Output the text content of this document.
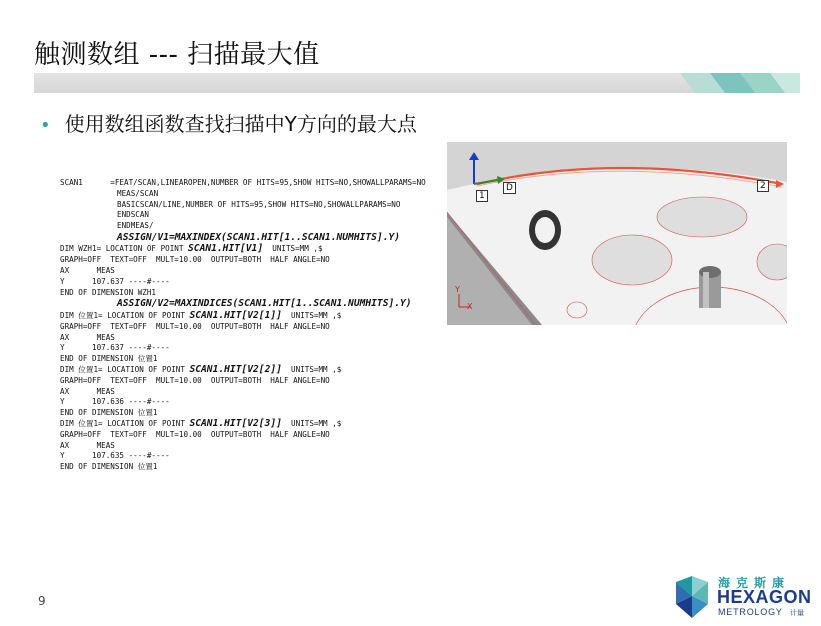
触测数组 --- 扫描最大值
• 使用数组函数查找扫描中Y方向的最大点
SCAN1      =FEAT/SCAN,LINEAROPEN,NUMBER OF HITS=95,SHOW HITS=NO,SHOWALLPARAMS=NO
MEAS/SCAN
BASICSCAN/LINE,NUMBER OF HITS=95,SHOW HITS=NO,SHOWALLPARAMS=NO
ENDSCAN
ENDMEAS/
ASSIGN/V1=MAXINDEX(SCAN1.HIT[1..SCAN1.NUMHITS].Y)
DIM WZH1= LOCATION OF POINT SCAN1.HIT[V1]  UNITS=MM ,$
GRAPH=OFF  TEXT=OFF  MULT=10.00  OUTPUT=BOTH  HALF ANGLE=NO
AX      MEAS
Y      107.637 ----#----
END OF DIMENSION WZH1
ASSIGN/V2=MAXINDICES(SCAN1.HIT[1..SCAN1.NUMHITS].Y)
DIM 位置1= LOCATION OF POINT SCAN1.HIT[V2[1]]  UNITS=MM ,$
GRAPH=OFF  TEXT=OFF  MULT=10.00  OUTPUT=BOTH  HALF ANGLE=NO
AX      MEAS
Y      107.637 ----#----
END OF DIMENSION 位置1
DIM 位置1= LOCATION OF POINT SCAN1.HIT[V2[2]]  UNITS=MM ,$
GRAPH=OFF  TEXT=OFF  MULT=10.00  OUTPUT=BOTH  HALF ANGLE=NO
AX      MEAS
Y      107.636 ----#----
END OF DIMENSION 位置1
DIM 位置1= LOCATION OF POINT SCAN1.HIT[V2[3]]  UNITS=MM ,$
GRAPH=OFF  TEXT=OFF  MULT=10.00  OUTPUT=BOTH  HALF ANGLE=NO
AX      MEAS
Y      107.635 ----#----
END OF DIMENSION 位置1
1
D	2
Y
X
9
海克斯康
HEXAGON
METROLOGY 计量
